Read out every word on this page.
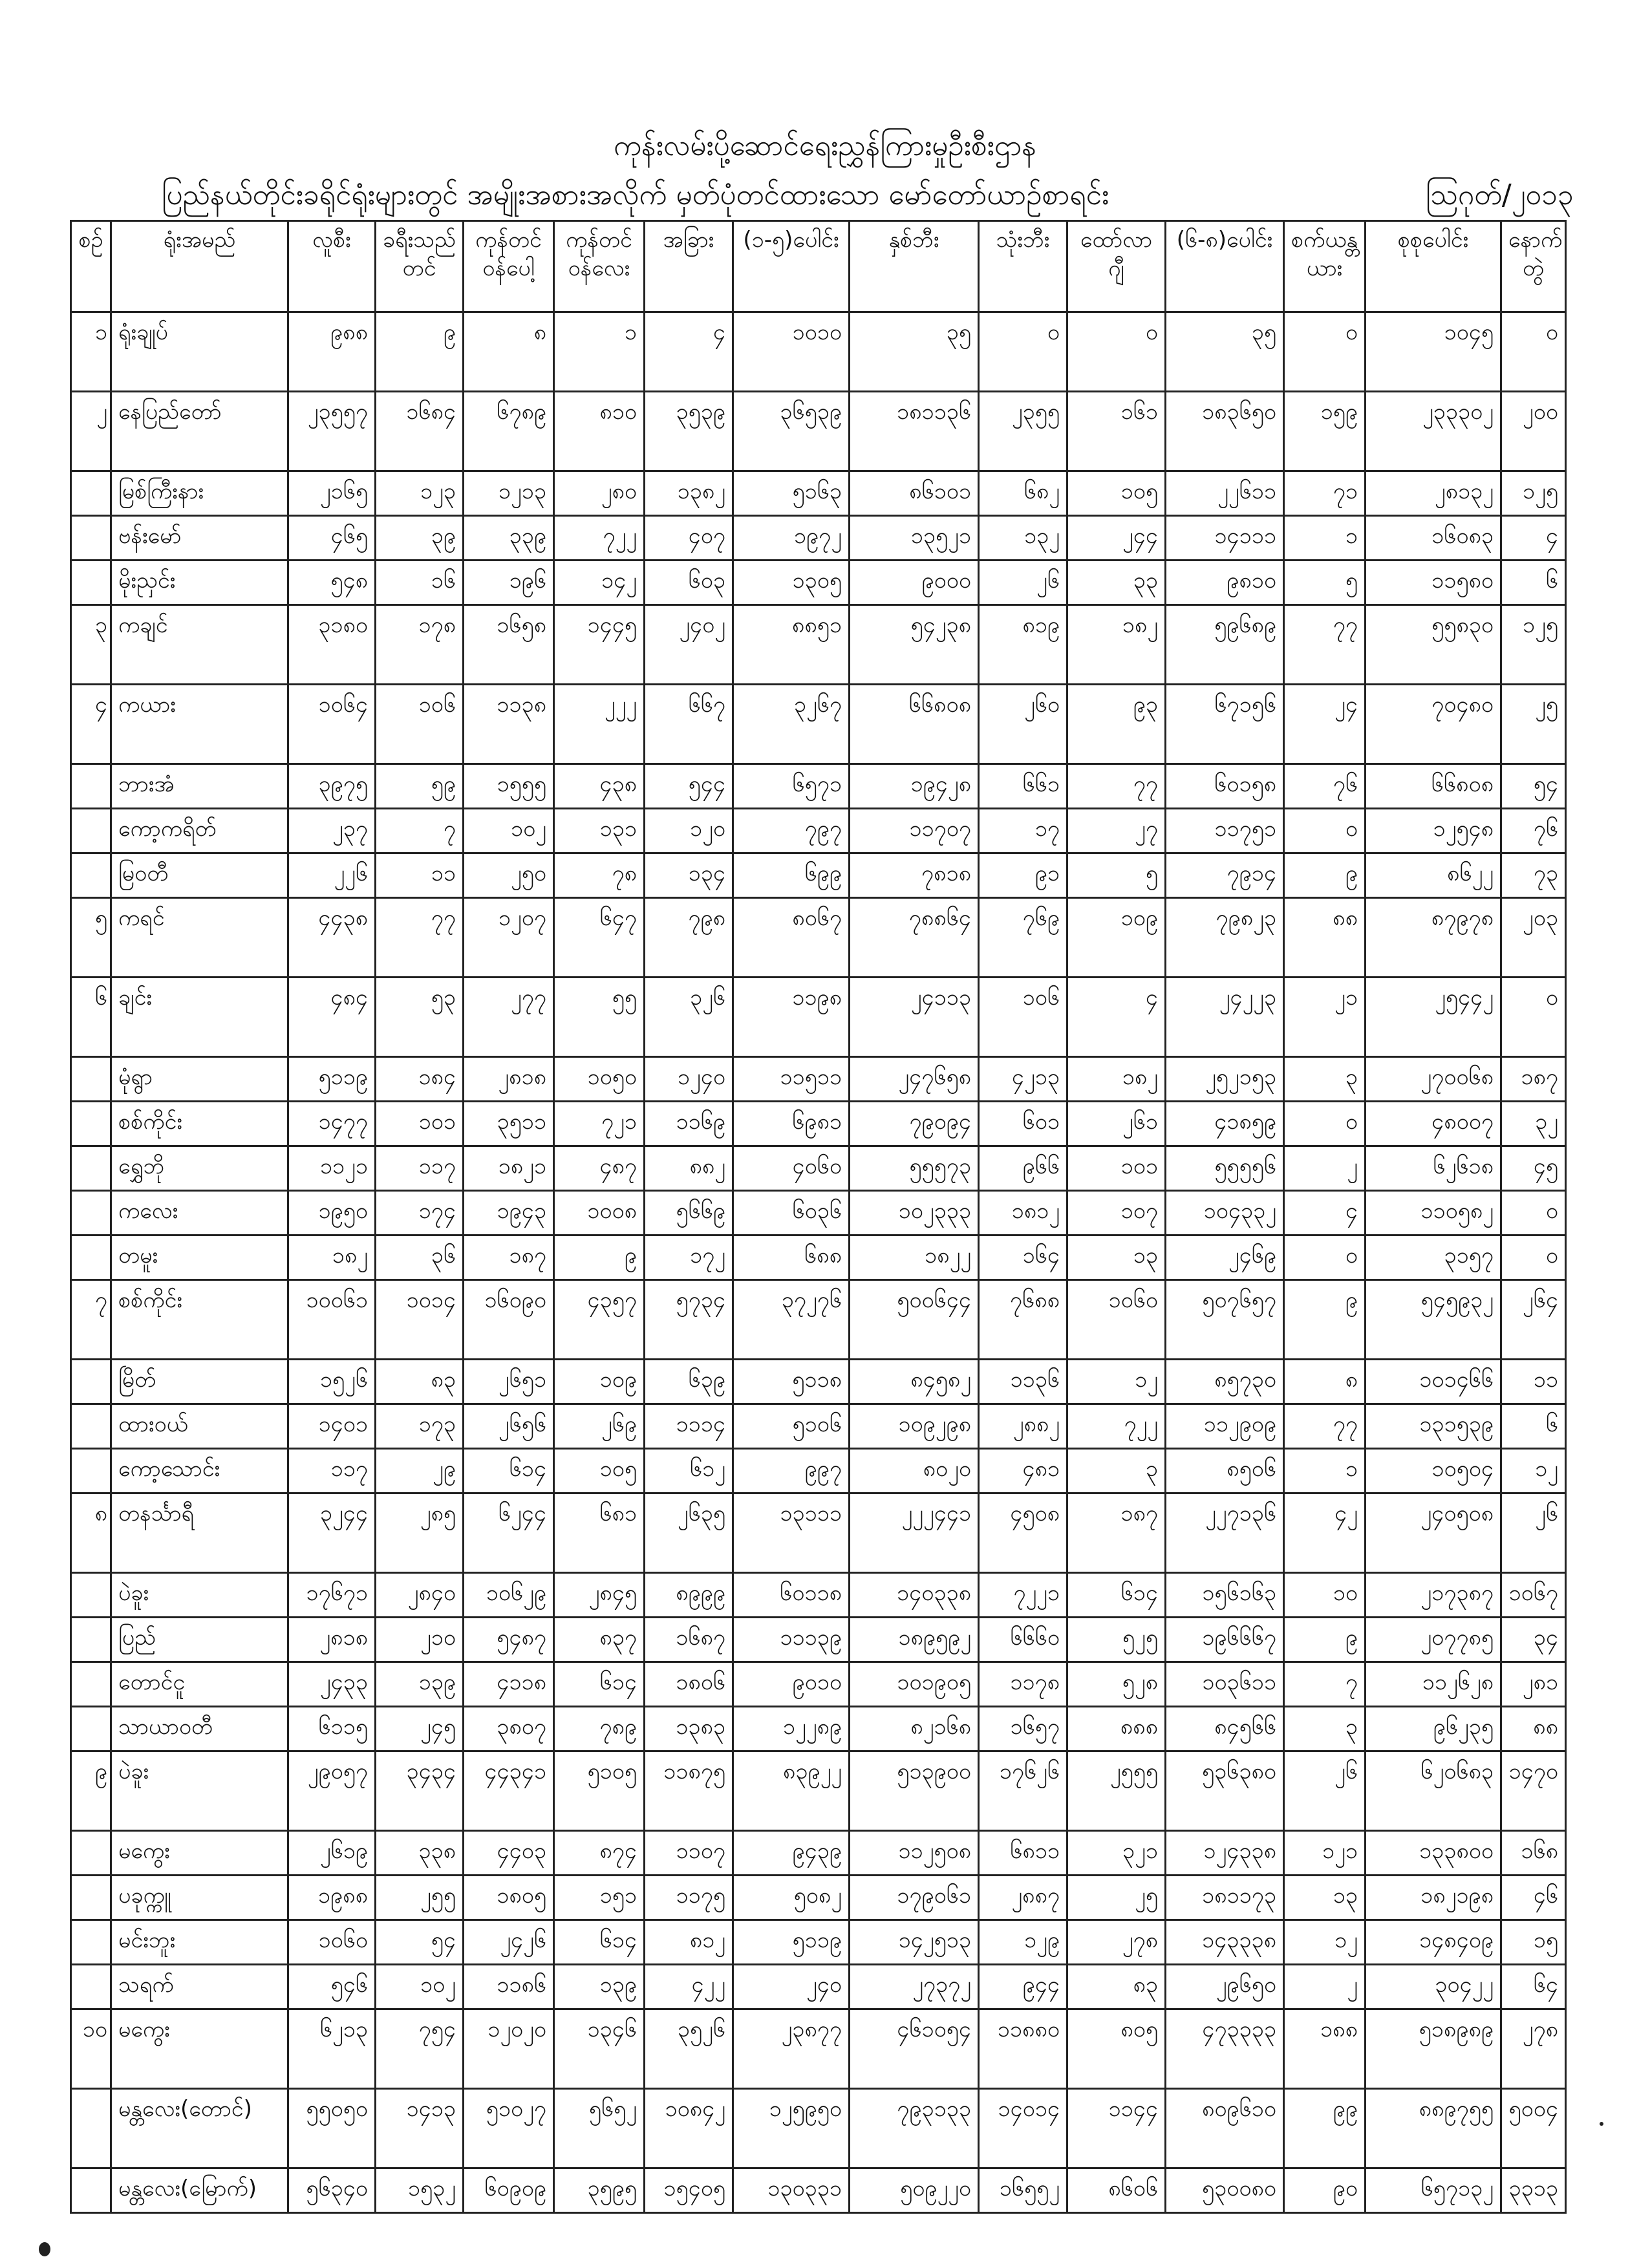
ကုန်းလမ်းပို့ဆောင်ရေးညွှန်ကြားမှုဦးစီးဌာန
ပြည်နယ်တိုင်းခရိုင်ရုံးများတွင် အမျိုးအစားအလိုက် မှတ်ပုံတင်ထားသော မော်တော်ယာဉ်စာရင်း	ဩဂုတ်/၂၀၁၃
စဉ်	ရုံးအမည်	လူစီး	ခရီးသည်တင်	ကုန်တင်ဝန်ပေါ့	ကုန်တင်ဝန်လေး	အခြား	(၁-၅)ပေါင်း	နှစ်ဘီး	သုံးဘီး	ထော်လာဂျီ	(၆-၈)ပေါင်း	စက်ယန္တယား	စုစုပေါင်း	နောက်တွဲ
၁	ရုံးချုပ်	၉၈၈	၉	၈	၁	၄	၁၀၁၀	၃၅	၀	၀	၃၅	၀	၁၀၄၅	၀
၂	နေပြည်တော်	၂၃၅၅၇	၁၆၈၄	၆၇၈၉	၈၁၀	၃၅၃၉	၃၆၅၃၉	၁၈၁၁၃၆	၂၃၅၅	၁၆၁	၁၈၃၆၅၀	၁၅၉	၂၃၃၃၀၂	၂၀၀
	မြစ်ကြီးနား	၂၁၆၅	၁၂၃	၁၂၁၃	၂၈၀	၁၃၈၂	၅၁၆၃	၈၆၁၀၁	၆၈၂	၁၀၅	၂၂၆၁၁	၇၁	၂၈၁၃၂	၁၂၅
	ဗန်းမော်	၄၆၅	၃၉	၃၃၉	၇၂၂	၄၀၇	၁၉၇၂	၁၃၅၂၁	၁၃၂	၂၄၄	၁၄၁၁၁	၁	၁၆၀၈၃	၄
	မိုးညှင်း	၅၄၈	၁၆	၁၉၆	၁၄၂	၆၀၃	၁၃၀၅	၉၀၀၀	၂၆	၃၃	၉၈၁၀	၅	၁၁၅၈၀	၆
၃	ကချင်	၃၁၈၀	၁၇၈	၁၆၅၈	၁၄၄၅	၂၄၀၂	၈၈၅၁	၅၄၂၃၈	၈၁၉	၁၈၂	၅၉၆၈၉	၇၇	၅၅၈၃၀	၁၂၅
၄	ကယား	၁၀၆၄	၁၀၆	၁၁၃၈	၂၂၂	၆၆၇	၃၂၆၇	၆၆၈၀၈	၂၆၀	၉၃	၆၇၁၅၆	၂၄	၇၀၄၈၀	၂၅
	ဘားအံ	၃၉၇၅	၅၉	၁၅၅၅	၄၃၈	၅၄၄	၆၅၇၁	၁၉၄၂၈	၆၆၁	၇၇	၆၀၁၅၈	၇၆	၆၆၈၀၈	၅၄
	ကော့ကရိတ်	၂၃၇	၇	၁၀၂	၁၃၁	၁၂၀	၇၉၇	၁၁၇၀၇	၁၇	၂၇	၁၁၇၅၁	၀	၁၂၅၄၈	၇၆
	မြဝတီ	၂၂၆	၁၁	၂၅၀	၇၈	၁၃၄	၆၉၉	၇၈၁၈	၉၁	၅	၇၉၁၄	၉	၈၆၂၂	၇၃
၅	ကရင်	၄၄၃၈	၇၇	၁၂၀၇	၆၄၇	၇၉၈	၈၀၆၇	၇၈၈၆၄	၇၆၉	၁၀၉	၇၉၈၂၃	၈၈	၈၇၉၇၈	၂၀၃
၆	ချင်း	၄၈၄	၅၃	၂၇၇	၅၅	၃၂၆	၁၁၉၈	၂၄၁၁၃	၁၀၆	၄	၂၄၂၂၃	၂၁	၂၅၄၄၂	၀
	မုံရွာ	၅၁၁၉	၁၈၄	၂၈၁၈	၁၀၅၀	၁၂၄၀	၁၁၅၁၁	၂၄၇၆၅၈	၄၂၁၃	၁၈၂	၂၅၂၁၅၃	၃	၂၇၀၀၆၈	၁၈၇
	စစ်ကိုင်း	၁၄၇၇	၁၀၁	၃၅၁၁	၇၂၁	၁၁၆၉	၆၉၈၁	၇၉၀၉၄	၆၀၁	၂၆၁	၄၁၈၅၉	၀	၄၈၀၀၇	၃၂
	ရွှေဘို	၁၁၂၁	၁၁၇	၁၈၂၁	၄၈၇	၈၈၂	၄၀၆၀	၅၅၅၇၃	၉၆၆	၁၀၁	၅၅၅၅၆	၂	၆၂၆၁၈	၄၅
	ကလေး	၁၉၅၀	၁၇၄	၁၉၄၃	၁၀၀၈	၅၆၆၉	၆၀၃၆	၁၀၂၃၃၃	၁၈၁၂	၁၀၇	၁၀၄၃၃၂	၄	၁၁၀၅၈၂	၀
	တမူး	၁၈၂	၃၆	၁၈၇	၉	၁၇၂	၆၈၈	၁၈၂၂	၁၆၄	၁၃	၂၄၆၉	၀	၃၁၅၇	၀
၇	စစ်ကိုင်း	၁၀၀၆၁	၁၀၁၄	၁၆၀၉၀	၄၃၅၇	၅၇၃၄	၃၇၂၇၆	၅၀၀၆၄၄	၇၆၈၈	၁၀၆၀	၅၀၇၆၅၇	၉	၅၄၅၉၃၂	၂၆၄
	မြိတ်	၁၅၂၆	၈၃	၂၆၅၁	၁၀၉	၆၃၉	၅၁၁၈	၈၄၅၈၂	၁၁၃၆	၁၂	၈၅၇၃၀	၈	၁၀၁၄၆၆	၁၁
	ထားဝယ်	၁၄၀၁	၁၇၃	၂၆၅၆	၂၆၉	၁၁၁၄	၅၁၀၆	၁၀၉၂၉၈	၂၈၈၂	၇၂၂	၁၁၂၉၀၉	၇၇	၁၃၁၅၃၉	၆
	ကော့သောင်း	၁၁၇	၂၉	၆၁၄	၁၀၅	၆၁၂	၉၉၇	၈၀၂၀	၄၈၁	၃	၈၅၀၆	၁	၁၀၅၀၄	၁၂
၈	တနင်္သာရီ	၃၂၄၄	၂၈၅	၆၂၄၄	၆၈၁	၂၆၃၅	၁၃၁၁၁	၂၂၂၄၄၁	၄၅၀၈	၁၈၇	၂၂၇၁၃၆	၄၂	၂၄၀၅၀၈	၂၆
	ပဲခူး	၁၇၆၇၁	၂၈၄၀	၁၀၆၂၉	၂၈၄၅	၈၉၉၉	၆၀၁၁၈	၁၄၀၃၃၈	၇၂၂၁	၆၁၄	၁၅၆၁၆၃	၁၀	၂၁၇၃၈၇	၁၀၆၇
	ပြည်	၂၈၁၈	၂၁၀	၅၄၈၇	၈၃၇	၁၆၈၇	၁၁၁၃၉	၁၈၉၅၉၂	၆၆၆၀	၅၂၅	၁၉၆၆၆၇	၉	၂၀၇၇၈၅	၃၄
	တောင်ငူ	၂၄၃၃	၁၃၉	၄၁၁၈	၆၁၄	၁၈၀၆	၉၀၁၀	၁၀၁၉၀၅	၁၁၇၈	၅၂၈	၁၀၃၆၁၁	၇	၁၁၂၆၂၈	၂၈၁
	သာယာဝတီ	၆၁၁၅	၂၄၅	၃၈၀၇	၇၈၉	၁၃၈၃	၁၂၂၈၉	၈၂၁၆၈	၁၆၅၇	၈၈၈	၈၄၅၆၆	၃	၉၆၂၃၅	၈၈
၉	ပဲခူး	၂၉၀၅၇	၃၄၃၄	၄၄၃၄၁	၅၁၀၅	၁၁၈၇၅	၈၃၉၂၂	၅၁၃၉၀၀	၁၇၆၂၆	၂၅၅၅	၅၃၆၃၈၀	၂၆	၆၂၀၆၈၃	၁၄၇၀
	မကွေး	၂၆၁၉	၃၃၈	၄၄၀၃	၈၇၄	၁၁၀၇	၉၄၃၉	၁၁၂၅၀၈	၆၈၁၁	၃၂၁	၁၂၄၃၃၈	၁၂၁	၁၃၃၈၀၀	၁၆၈
	ပခုက္ကူ	၁၉၈၈	၂၅၅	၁၈၀၅	၁၅၁	၁၁၇၅	၅၀၈၂	၁၇၉၀၆၁	၂၈၈၇	၂၅	၁၈၁၁၇၃	၁၃	၁၈၂၁၉၈	၄၆
	မင်းဘူး	၁၀၆၀	၅၄	၂၄၂၆	၆၁၄	၈၁၂	၅၁၁၉	၁၄၂၅၁၃	၁၂၉	၂၇၈	၁၄၃၃၃၈	၁၂	၁၄၈၄၀၉	၁၅
	သရက်	၅၄၆	၁၀၂	၁၁၈၆	၁၃၉	၄၂၂	၂၄၀	၂၇၃၇၂	၉၄၄	၈၃	၂၉၆၅၀	၂	၃၀၄၂၂	၆၄
၁၀	မကွေး	၆၂၁၃	၇၅၄	၁၂၀၂၀	၁၃၄၆	၃၅၂၆	၂၃၈၇၇	၄၆၁၀၅၄	၁၁၈၈၀	၈၀၅	၄၇၃၃၃၃	၁၈၈	၅၁၈၉၈၉	၂၇၈
	မန္တလေး(တောင်)	၅၅၀၅၀	၁၄၁၃	၅၁၀၂၇	၅၆၅၂	၁၀၈၄၂	၁၂၅၉၅၀	၇၉၃၁၃၃	၁၄၀၁၄	၁၁၄၄	၈၀၉၆၁၀	၉၉	၈၈၉၇၅၅	၅၀၀၄
	မန္တလေး(မြောက်)	၅၆၃၄၀	၁၅၃၂	၆၀၉၀၉	၃၅၉၅	၁၅၄၀၅	၁၃၀၃၃၁	၅၀၉၂၂၀	၁၆၅၅၂	၈၆၀၆	၅၃၀၀၈၀	၉၀	၆၅၇၁၃၂	၃၃၁၃
